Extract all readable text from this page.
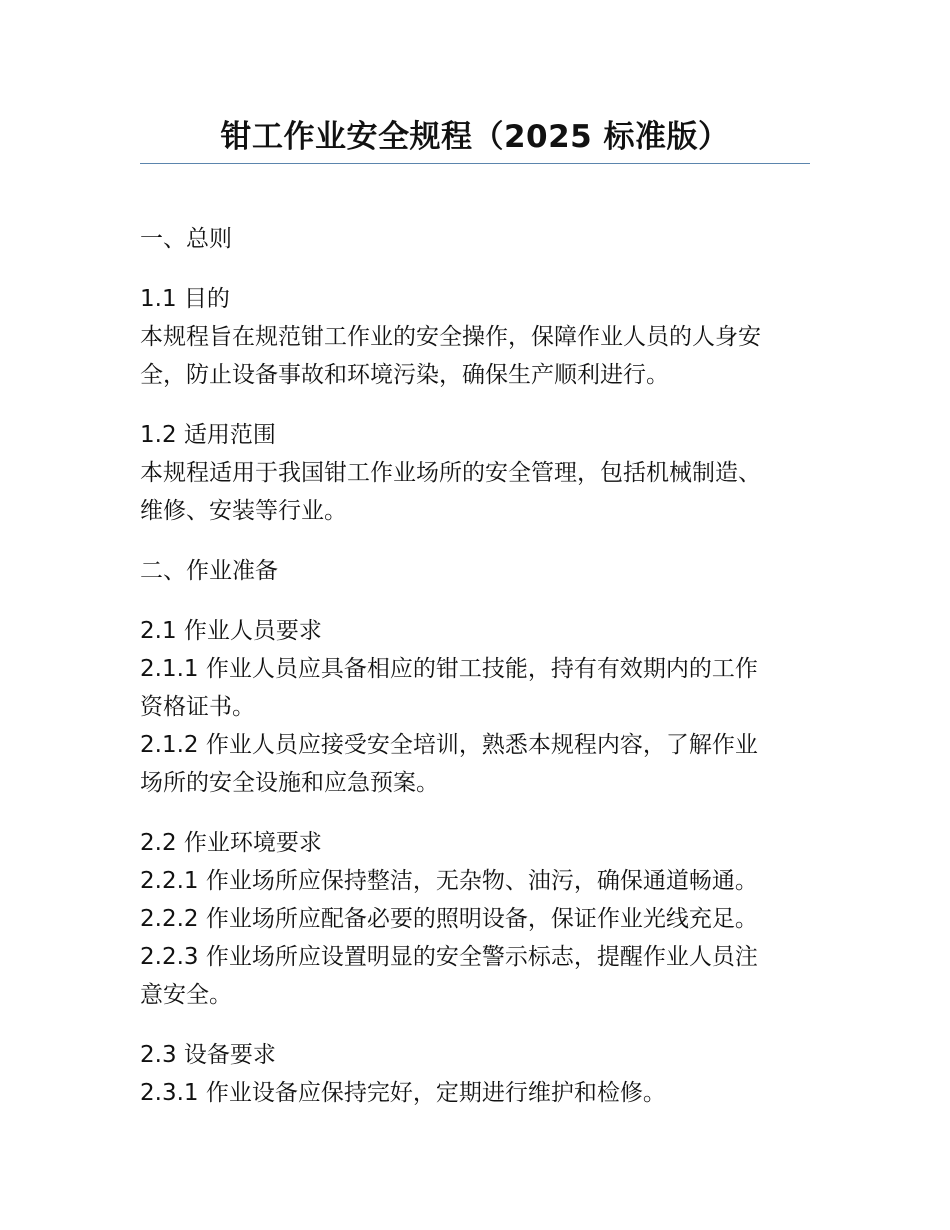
钳工作业安全规程（2025 标准版）

一、总则

1.1 目的

本规程旨在规范钳工作业的安全操作，保障作业人员的人身安

全，防止设备事故和环境污染，确保生产顺利进行。

1.2 适用范围

本规程适用于我国钳工作业场所的安全管理，包括机械制造、

维修、安装等行业。

二、作业准备

2.1 作业人员要求

2.1.1 作业人员应具备相应的钳工技能，持有有效期内的工作

资格证书。

2.1.2 作业人员应接受安全培训，熟悉本规程内容，了解作业

场所的安全设施和应急预案。

2.2 作业环境要求

2.2.1 作业场所应保持整洁，无杂物、油污，确保通道畅通。

2.2.2 作业场所应配备必要的照明设备，保证作业光线充足。

2.2.3 作业场所应设置明显的安全警示标志，提醒作业人员注

意安全。

2.3 设备要求

2.3.1 作业设备应保持完好，定期进行维护和检修。
